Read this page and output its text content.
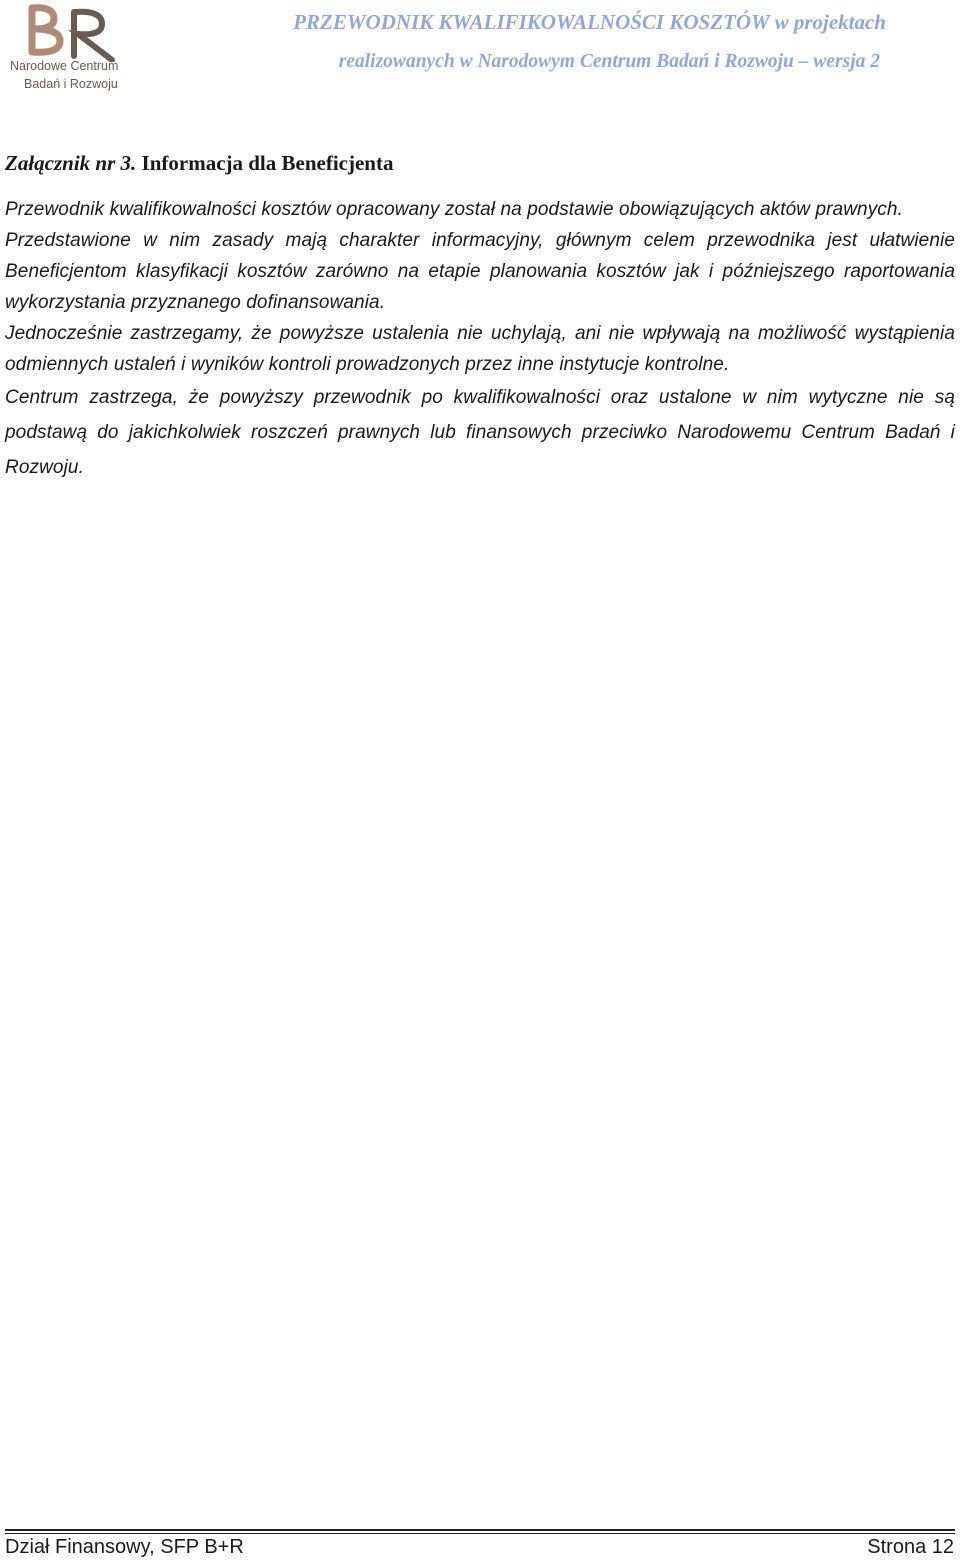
Narodowe Centrum
Badań i Rozwoju
PRZEWODNIK KWALIFIKOWALNOŚCI KOSZTÓW w projektach
realizowanych w Narodowym Centrum Badań i Rozwoju – wersja 2
Załącznik nr 3. Informacja dla Beneficjenta

Przewodnik kwalifikowalności kosztów opracowany został na podstawie obowiązujących aktów prawnych.

Przedstawione w nim zasady mają charakter informacyjny, głównym celem przewodnika jest ułatwienie Beneficjentom klasyfikacji kosztów zarówno na etapie planowania kosztów jak i późniejszego raportowania wykorzystania przyznanego dofinansowania.

Jednocześnie zastrzegamy, że powyższe ustalenia nie uchylają, ani nie wpływają na możliwość wystąpienia odmiennych ustaleń i wyników kontroli prowadzonych przez inne instytucje kontrolne.

Centrum zastrzega, że powyższy przewodnik po kwalifikowalności oraz ustalone w nim wytyczne nie są podstawą do jakichkolwiek roszczeń prawnych lub finansowych przeciwko Narodowemu Centrum Badań i Rozwoju.

Dział Finansowy, SFP B+R	Strona 12
